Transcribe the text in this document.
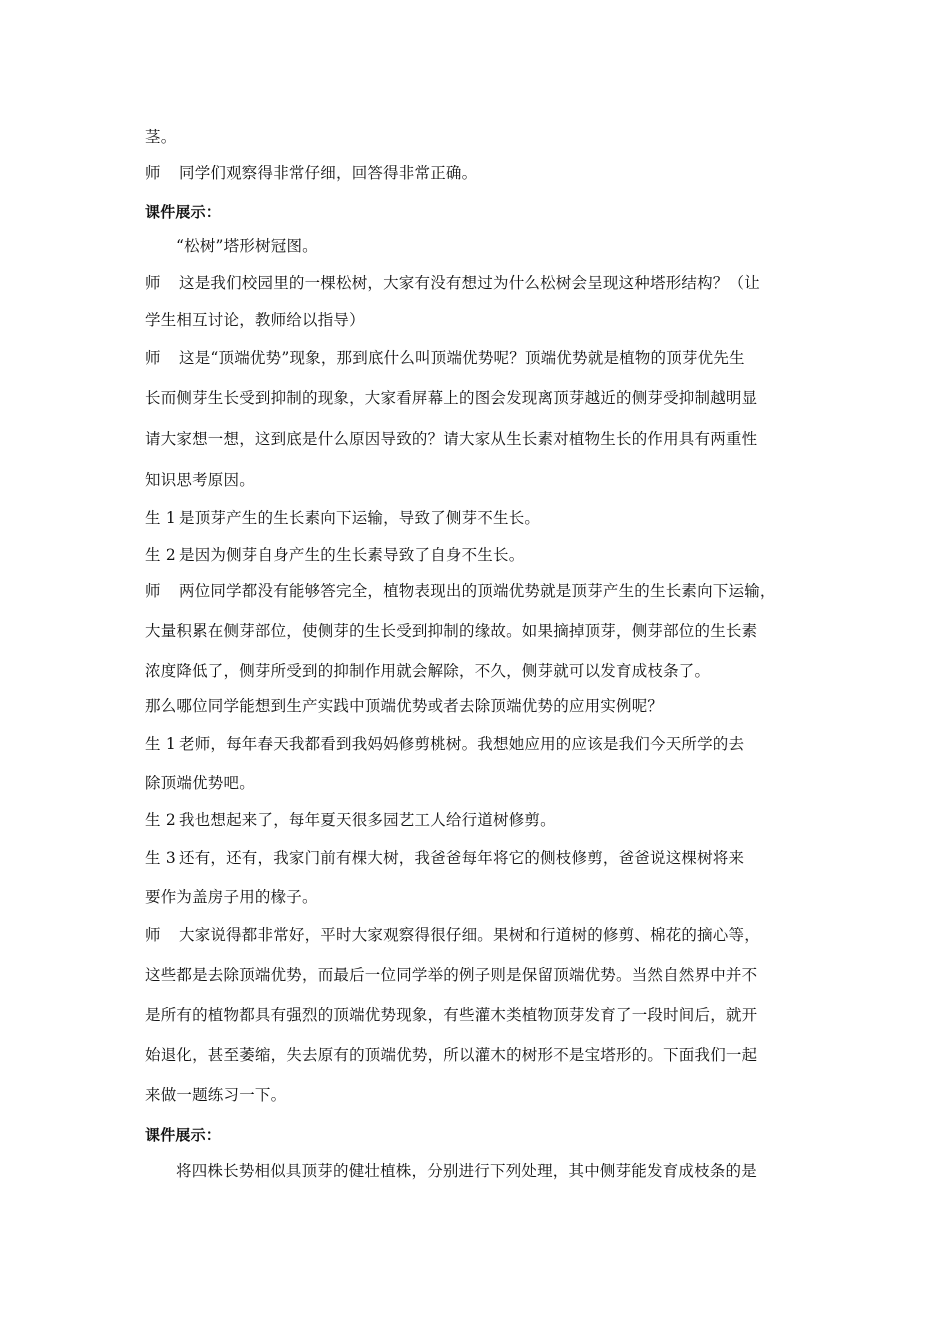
茎。
师 同学们观察得非常仔细，回答得非常正确。
课件展示：
“松树”塔形树冠图。
师 这是我们校园里的一棵松树，大家有没有想过为什么松树会呈现这种塔形结构？（让
学生相互讨论，教师给以指导）
师 这是“顶端优势”现象，那到底什么叫顶端优势呢？顶端优势就是植物的顶芽优先生
长而侧芽生长受到抑制的现象，大家看屏幕上的图会发现离顶芽越近的侧芽受抑制越明显
请大家想一想，这到底是什么原因导致的？请大家从生长素对植物生长的作用具有两重性
知识思考原因。
生 1 是顶芽产生的生长素向下运输，导致了侧芽不生长。
生 2 是因为侧芽自身产生的生长素导致了自身不生长。
师 两位同学都没有能够答完全，植物表现出的顶端优势就是顶芽产生的生长素向下运输，
大量积累在侧芽部位，使侧芽的生长受到抑制的缘故。如果摘掉顶芽，侧芽部位的生长素
浓度降低了，侧芽所受到的抑制作用就会解除，不久，侧芽就可以发育成枝条了。
那么哪位同学能想到生产实践中顶端优势或者去除顶端优势的应用实例呢？
生 1 老师，每年春天我都看到我妈妈修剪桃树。我想她应用的应该是我们今天所学的去
除顶端优势吧。
生 2 我也想起来了，每年夏天很多园艺工人给行道树修剪。
生 3 还有，还有，我家门前有棵大树，我爸爸每年将它的侧枝修剪，爸爸说这棵树将来
要作为盖房子用的椽子。
师 大家说得都非常好，平时大家观察得很仔细。果树和行道树的修剪、棉花的摘心等，
这些都是去除顶端优势，而最后一位同学举的例子则是保留顶端优势。当然自然界中并不
是所有的植物都具有强烈的顶端优势现象，有些灌木类植物顶芽发育了一段时间后，就开
始退化，甚至萎缩，失去原有的顶端优势，所以灌木的树形不是宝塔形的。下面我们一起
来做一题练习一下。
课件展示：
将四株长势相似具顶芽的健壮植株，分别进行下列处理，其中侧芽能发育成枝条的是
